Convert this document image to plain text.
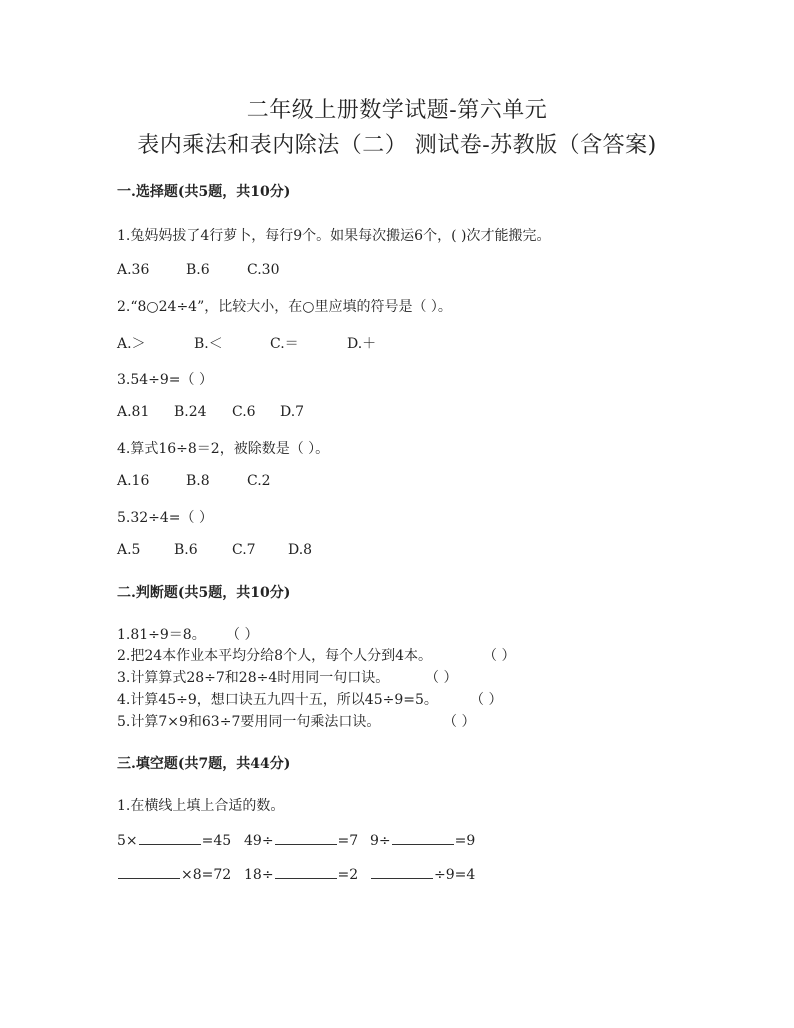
二年级上册数学试题-第六单元
表内乘法和表内除法（二） 测试卷-苏教版（含答案)
一.选择题(共5题，共10分)
1.兔妈妈拔了4行萝卜，每行9个。如果每次搬运6个，( )次才能搬完。
A.36	B.6	C.30
2.“8○24÷4”，比较大小，在○里应填的符号是（ ）。
A.＞	B.＜	C.＝	D.＋
3.54÷9=（ ）
A.81 B.24 C.6 D.7
4.算式16÷8＝2，被除数是（ ）。
A.16	B.8	C.2
5.32÷4=（ ）
A.5 B.6 C.7 D.8
二.判断题(共5题，共10分)
1.81÷9＝8。 （ ）
2.把24本作业本平均分给8个人，每个人分到4本。	（ ）
3.计算算式28÷7和28÷4时用同一句口诀。	（ ）
4.计算45÷9，想口诀五九四十五，所以45÷9=5。 （ ）
5.计算7×9和63÷7要用同一句乘法口诀。	（ ）
三.填空题(共7题，共44分)
1.在横线上填上合适的数。
5×	=45 49÷	=7 9÷	=9
×8=72 18÷	=2	÷9=4
